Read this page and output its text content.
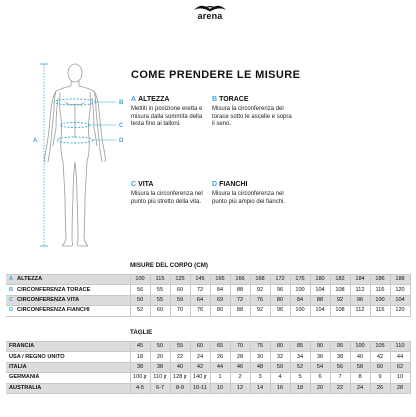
arena
A
B
C
D
COME PRENDERE LE MISURE
A ALTEZZA
Mettiti in posizione eretta e misura dalla sommità della testa fino ai talloni.
B TORACE
Misura la circonferenza del torace sotto le ascelle e sopra il seno.
C VITA
Misura la circonferenza nel punto più stretto della vita.
D FIANCHI
Misura la circonferenza nel punto più ampio dei fianchi.
MISURE DEL CORPO (CM)
A ALTEZZA	100	115	125	145	165	166	168	172	176	180	182	184	186	188
B CIRCONFERENZA TORACE	56	55	60	72	84	88	92	96	100	104	108	112	116	120
C CIRCONFERENZA VITA	50	55	59	64	69	72	76	80	84	88	92	96	100	104
D CIRCONFERENZA FIANCHI	52	60	70	76	80	88	92	96	100	104	108	112	116	120
TAGLIE
FRANCIA	45	50	55	60	65	70	75	80	85	90	95	100	105	110
USA / REGNO UNITO	18	20	22	24	26	28	30	32	34	36	38	40	42	44
ITALIA	38	38	40	42	44	46	48	50	52	54	56	58	60	62
GERMANIA	100 jr	110 jr	128 jr	140 jr	1	2	3	4	5	6	7	8	9	10
AUSTRALIA	4-5	6-7	8-9	10-11	10	12	14	16	18	20	22	24	26	28
